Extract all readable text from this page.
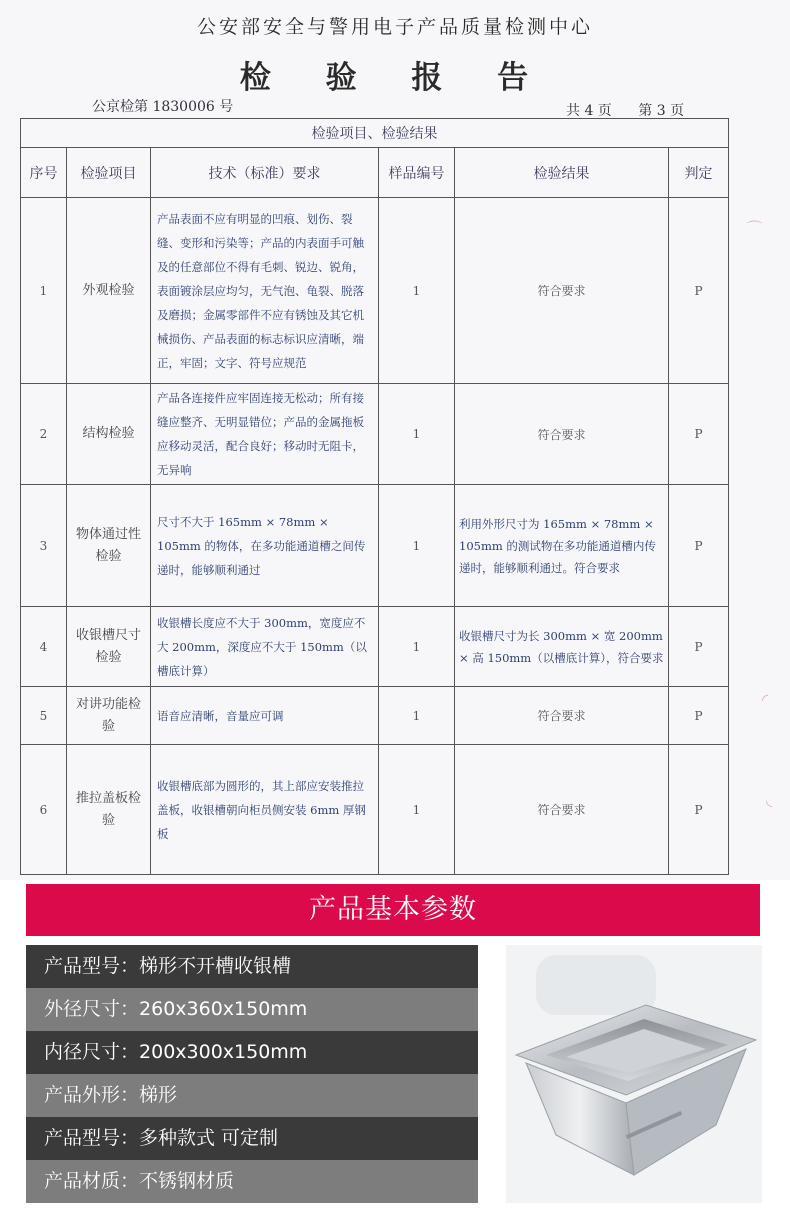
公安部安全与警用电子产品质量检测中心
检 验 报 告
公京检第 1830006 号	共 4 页 第 3 页
检验项目、检验结果					
序号	检验项目	技术（标准）要求	样品编号	检验结果	判定
1	外观检验	产品表面不应有明显的凹痕、划伤、裂缝、变形和污染等；产品的内表面手可触及的任意部位不得有毛刺、锐边、锐角，表面镀涂层应均匀，无气泡、龟裂、脱落及磨损；金属零部件不应有锈蚀及其它机械损伤、产品表面的标志标识应清晰，端正，牢固；文字、符号应规范	1	符合要求	P
2	结构检验	产品各连接件应牢固连接无松动；所有接缝应整齐、无明显错位；产品的金属拖板应移动灵活，配合良好；移动时无阻卡，无异响	1	符合要求	P
3	物体通过性检验	尺寸不大于 165mm × 78mm × 105mm 的物体，在多功能通道槽之间传递时，能够顺利通过	1	利用外形尺寸为 165mm × 78mm × 105mm 的测试物在多功能通道槽内传递时，能够顺利通过。符合要求	P
4	收银槽尺寸检验	收银槽长度应不大于 300mm，宽度应不大 200mm，深度应不大于 150mm（以槽底计算）	1	收银槽尺寸为长 300mm × 宽 200mm × 高 150mm（以槽底计算），符合要求	P
5	对讲功能检验	语音应清晰，音量应可调	1	符合要求	P
6	推拉盖板检验	收银槽底部为圆形的，其上部应安装推拉盖板，收银槽朝向柜员侧安装 6mm 厚钢板	1	符合要求	P
⌒
◜
◟
产品基本参数
产品型号：梯形不开槽收银槽
外径尺寸：260x360x150mm
内径尺寸：200x300x150mm
产品外形：梯形
产品型号：多种款式 可定制
产品材质：不锈钢材质
